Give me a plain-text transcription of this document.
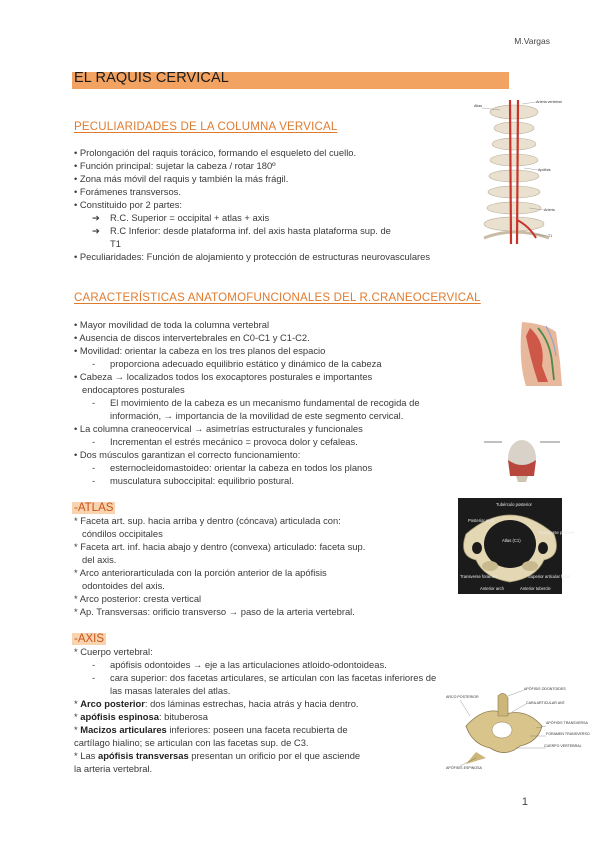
M.Vargas
EL RAQUIS CERVICAL
PECULIARIDADES DE LA COLUMNA VERVICAL
• Prolongación del raquis torácico, formando el esqueleto del cuello.
• Función principal: sujetar la cabeza / rotar 180º
• Zona más móvil del raquis y también la más frágil.
• Forámenes transversos.
• Constituido por 2 partes:
➔ R.C. Superior = occipital + atlas + axis
➔ R.C Inferior: desde plataforma inf. del axis hasta plataforma sup. de
T1
• Peculiaridades: Función de alojamiento y protección de estructuras neurovasculares
CARACTERÍSTICAS ANATOMOFUNCIONALES DEL R.CRANEOCERVICAL
• Mayor movilidad de toda la columna vertebral
• Ausencia de discos intervertebrales en C0-C1 y C1-C2.
• Movilidad: orientar la cabeza en los tres planos del espacio
- proporciona adecuado equilibrio estático y dinámico de la cabeza
• Cabeza → localizados todos los exocaptores posturales e importantes
endocaptores posturales
- El movimiento de la cabeza es un mecanismo fundamental de recogida de
información, → importancia de la movilidad de este segmento cervical.
• La columna craneocervical → asimetrías estructurales y funcionales
- Incrementan el estrés mecánico = provoca dolor y cefaleas.
• Dos músculos garantizan el correcto funcionamiento:
- esternocleidomastoideo: orientar la cabeza en todos los planos
- musculatura suboccipital: equilibrio postural.
-ATLAS
* Faceta art. sup. hacia arriba y dentro (cóncava) articulada con:
cóndilos occipitales
* Faceta art. inf. hacia abajo y dentro (convexa) articulado: faceta sup.
del axis.
* Arco anteriorarticulada con la porción anterior de la apófisis
odontoides del axis.
* Arco posterior: cresta vertical
* Ap. Transversas: orificio transverso → paso de la arteria vertebral.
-AXIS
* Cuerpo vertebral:
- apófisis odontoides → eje a las articulaciones atloido-odontoideas.
- cara superior: dos facetas articulares, se articulan con las facetas inferiores de
las masas laterales del atlas.
* Arco posterior: dos láminas estrechas, hacia atrás y hacia dentro.
* apófisis espinosa: bituberosa
* Macizos articulares inferiores: poseen una faceta recubierta de
cartílago hialino; se articulan con las facetas sup. de C3.
* Las apófisis transversas presentan un orificio por el que asciende
la arteria vertebral.
1
Arteria vertebral
Atlas
Apófisis
Arteria
T1
Tubérculo posterior
Posterior arch
Atlas (C1)
Transverse process
Transverse foramen	Superior articular facet
Anterior arch	Anterior tubercle
APÓFISIS ODONTOIDES
CARA ARTICULAR ANT.
APÓFISIS TRANSVERSA
FORAMEN TRANSVERSO
CUERPO VERTEBRAL
ARCO POSTERIOR
APÓFISIS ESPINOSA
